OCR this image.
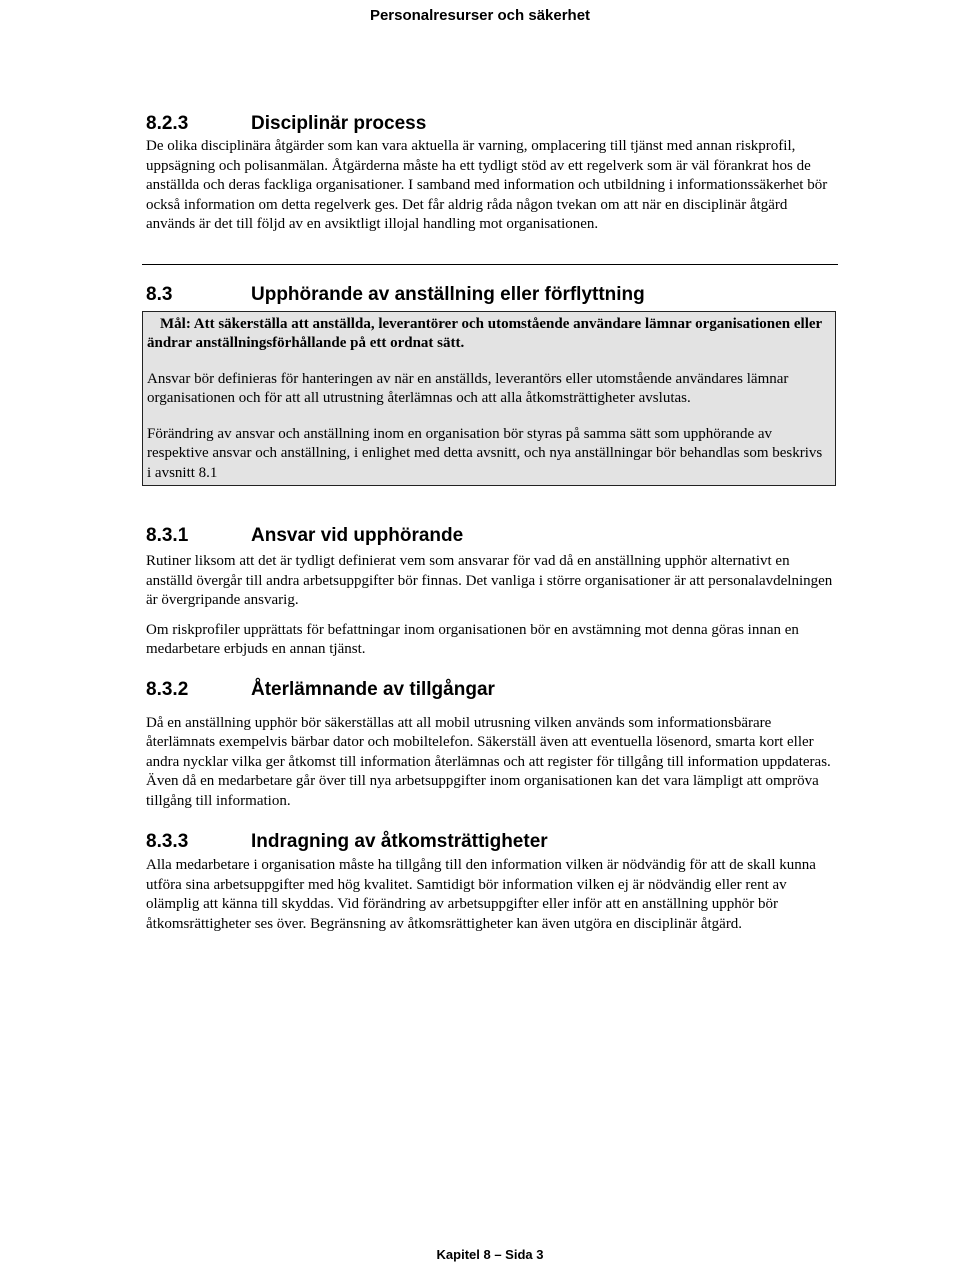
Personalresurser och säkerhet
8.2.3	Disciplinär process

De olika disciplinära åtgärder som kan vara aktuella är varning, omplacering till tjänst med annan riskprofil, uppsägning och polisanmälan. Åtgärderna måste ha ett tydligt stöd av ett regelverk som är väl förankrat hos de anställda och deras fackliga organisationer. I samband med information och utbildning i informationssäkerhet bör också information om detta regelverk ges. Det får aldrig råda någon tvekan om att när en disciplinär åtgärd används är det till följd av en avsiktligt illojal handling mot organisationen.

8.3	Upphörande av anställning eller förflyttning

Mål: Att säkerställa att anställda, leverantörer och utomstående användare lämnar organisationen eller ändrar anställningsförhållande på ett ordnat sätt.

Ansvar bör definieras för hanteringen av när en anställds, leverantörs eller utomstående användares lämnar organisationen och för att all utrustning återlämnas och att alla åtkomsträttigheter avslutas.

Förändring av ansvar och anställning inom en organisation bör styras på samma sätt som upphörande av respektive ansvar och anställning, i enlighet med detta avsnitt, och nya anställningar bör behandlas som beskrivs i avsnitt 8.1

8.3.1	Ansvar vid upphörande

Rutiner liksom att det är tydligt definierat vem som ansvarar för vad då en anställning upphör alternativt en anställd övergår till andra arbetsuppgifter bör finnas. Det vanliga i större organisationer är att personalavdelningen är övergripande ansvarig.

Om riskprofiler upprättats för befattningar inom organisationen bör en avstämning mot denna göras innan en medarbetare erbjuds en annan tjänst.

8.3.2	Återlämnande av tillgångar

Då en anställning upphör bör säkerställas att all mobil utrusning vilken används som informationsbärare återlämnats exempelvis bärbar dator och mobiltelefon. Säkerställ även att eventuella lösenord, smarta kort eller andra nycklar vilka ger åtkomst till information återlämnas och att register för tillgång till information uppdateras. Även då en medarbetare går över till nya arbetsuppgifter inom organisationen kan det vara lämpligt att ompröva tillgång till information.

8.3.3	Indragning av åtkomsträttigheter

Alla medarbetare i organisation måste ha tillgång till den information vilken är nödvändig för att de skall kunna utföra sina arbetsuppgifter med hög kvalitet. Samtidigt bör information vilken ej är nödvändig eller rent av olämplig att känna till skyddas. Vid förändring av arbetsuppgifter eller inför att en anställning upphör bör åtkomsrättigheter ses över. Begränsning av åtkomsrättigheter kan även utgöra en disciplinär åtgärd.

Kapitel 8 – Sida 3
